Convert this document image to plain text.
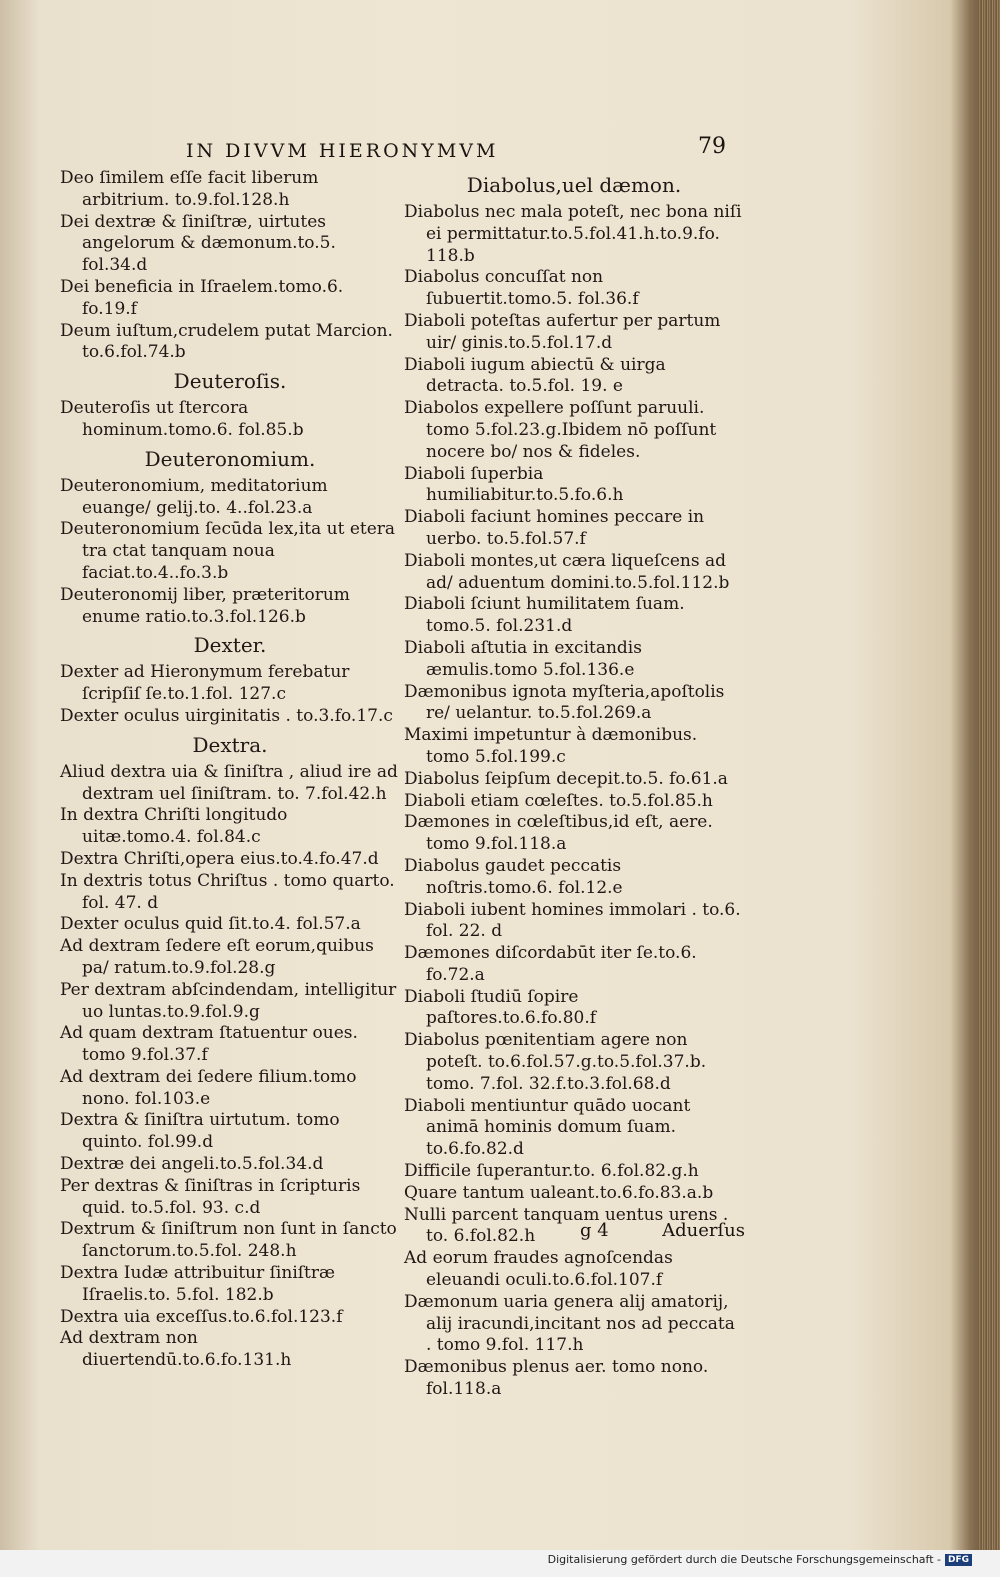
IN DIVVM HIERONYMVM	79
Deo ſimilem eſſe facit liberum arbitrium. to.9.fol.128.h
Dei dextræ & ſiniſtræ, uirtutes angelorum & dæmonum.to.5. fol.34.d
Dei beneficia in Iſraelem.tomo.6. fo.19.f
Deum iuſtum,crudelem putat Marcion. to.6.fol.74.b
Deuteroſis.
Deuteroſis ut ſtercora hominum.tomo.6. fol.85.b
Deuteronomium.
Deuteronomium, meditatorium euange/ gelij.to. 4..fol.23.a
Deuteronomium ſecūda lex,ita ut etera tra ctat tanquam noua faciat.to.4..fo.3.b
Deuteronomij liber, præteritorum enume ratio.to.3.fol.126.b
Dexter.
Dexter ad Hieronymum ferebatur ſcripſiſ ſe.to.1.fol. 127.c
Dexter oculus uirginitatis . to.3.fo.17.c
Dextra.
Aliud dextra uia & ſiniſtra , aliud ire ad dextram uel ſiniſtram. to. 7.fol.42.h
In dextra Chriſti longitudo uitæ.tomo.4. fol.84.c
Dextra Chriſti,opera eius.to.4.fo.47.d
In dextris totus Chriſtus . tomo quarto. fol. 47. d
Dexter oculus quid ſit.to.4. fol.57.a
Ad dextram ſedere eſt eorum,quibus pa/ ratum.to.9.fol.28.g
Per dextram abſcindendam, intelligitur uo luntas.to.9.fol.9.g
Ad quam dextram ſtatuentur oues. tomo 9.fol.37.f
Ad dextram dei ſedere filium.tomo nono. fol.103.e
Dextra & ſiniſtra uirtutum. tomo quinto. fol.99.d
Dextræ dei angeli.to.5.fol.34.d
Per dextras & ſiniſtras in ſcripturis quid. to.5.fol. 93. c.d
Dextrum & ſiniſtrum non ſunt in ſancto ſanctorum.to.5.fol. 248.h
Dextra Iudæ attribuitur ſiniſtræ Iſraelis.to. 5.fol. 182.b
Dextra uia exceſſus.to.6.fol.123.f
Ad dextram non diuertendū.to.6.fo.131.h
Diabolus,uel dæmon.
Diabolus nec mala poteſt, nec bona niſi ei permittatur.to.5.fol.41.h.to.9.fo. 118.b
Diabolus concuſſat non ſubuertit.tomo.5. fol.36.f
Diaboli poteſtas aufertur per partum uir/ ginis.to.5.fol.17.d
Diaboli iugum abiectū & uirga detracta. to.5.fol. 19. e
Diabolos expellere poſſunt paruuli. tomo 5.fol.23.g.Ibidem nō poſſunt nocere bo/ nos & fideles.
Diaboli ſuperbia humiliabitur.to.5.fo.6.h
Diaboli faciunt homines peccare in uerbo. to.5.fol.57.f
Diaboli montes,ut cæra liqueſcens ad ad/ aduentum domini.to.5.fol.112.b
Diaboli ſciunt humilitatem ſuam. tomo.5. fol.231.d
Diaboli aſtutia in excitandis æmulis.tomo 5.fol.136.e
Dæmonibus ignota myſteria,apoſtolis re/ uelantur. to.5.fol.269.a
Maximi impetuntur à dæmonibus. tomo 5.fol.199.c
Diabolus ſeipſum decepit.to.5. fo.61.a
Diaboli etiam cœleſtes. to.5.fol.85.h
Dæmones in cœleſtibus,id eſt, aere. tomo 9.fol.118.a
Diabolus gaudet peccatis noſtris.tomo.6. fol.12.e
Diaboli iubent homines immolari . to.6. fol. 22. d
Dæmones diſcordabūt iter ſe.to.6. fo.72.a
Diaboli ſtudiū ſopire paſtores.to.6.fo.80.f
Diabolus pœnitentiam agere non poteſt. to.6.fol.57.g.to.5.fol.37.b. tomo. 7.fol. 32.f.to.3.fol.68.d
Diaboli mentiuntur quādo uocant animā hominis domum ſuam. to.6.fo.82.d
Difficile ſuperantur.to. 6.fol.82.g.h
Quare tantum ualeant.to.6.fo.83.a.b
Nulli parcent tanquam uentus urens . to. 6.fol.82.h
Ad eorum fraudes agnoſcendas eleuandi oculi.to.6.fol.107.f
Dæmonum uaria genera alij amatorij, alij iracundi,incitant nos ad peccata . tomo 9.fol. 117.h
Dæmonibus plenus aer. tomo nono. fol.118.a
g 4	Aduerſus
Digitalisierung gefördert durch die Deutsche Forschungsgemeinschaft - DFG
